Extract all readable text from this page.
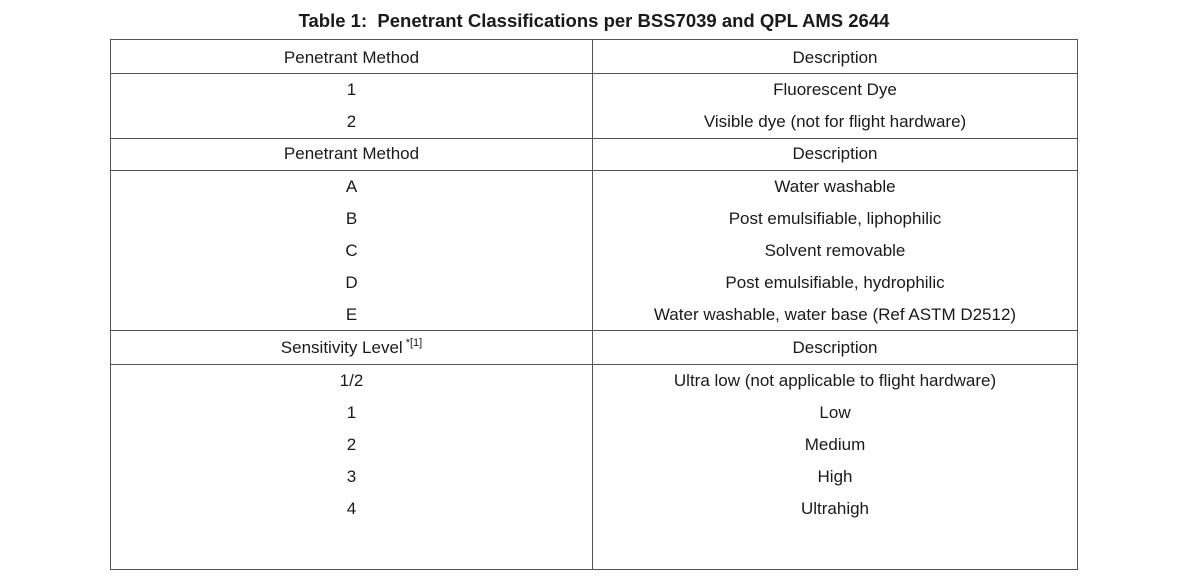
Table 1:  Penetrant Classifications per BSS7039 and QPL AMS 2644
Penetrant Method	Description
1	Fluorescent Dye
2	Visible dye (not for flight hardware)
Penetrant Method	Description
A	Water washable
B	Post emulsifiable, liphophilic
C	Solvent removable
D	Post emulsifiable, hydrophilic
E	Water washable, water base (Ref ASTM D2512)
Sensitivity Level $^{*[1]}$	Description
1/2	Ultra low (not applicable to flight hardware)
1	Low
2	Medium
3	High
4	Ultrahigh
